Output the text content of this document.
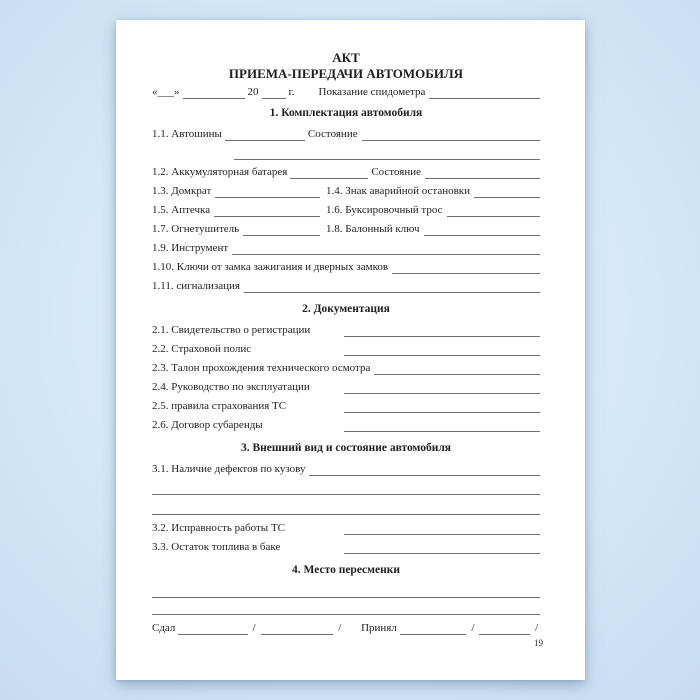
АКТ
ПРИЕМА-ПЕРЕДАЧИ АВТОМОБИЛЯ
«___»	20	г. Показание спидометра
1. Комплектация автомобиля
1.1. Автошины	Состояние
1.2. Аккумуляторная батарея	Состояние
1.3. Домкрат	1.4. Знак аварийной остановки
1.5. Аптечка	1.6. Буксировочный трос
1.7. Огнетушитель	1.8. Балонный ключ
1.9. Инструмент
1.10. Ключи от замка зажигания и дверных замков
1.11. сигнализация
2. Документация
2.1. Свидетельство о регистрации
2.2. Страховой полис
2.3. Талон прохождения технического осмотра
2.4. Руководство по эксплуатации
2.5. правила страхования ТС
2.6. Договор субаренды
3. Внешний вид и состояние автомобиля
3.1. Наличие дефектов по кузову
3.2. Исправность работы ТС
3.3. Остаток топлива в баке
4. Место пересменки
Сдал	/	/ Принял	/	/
19
